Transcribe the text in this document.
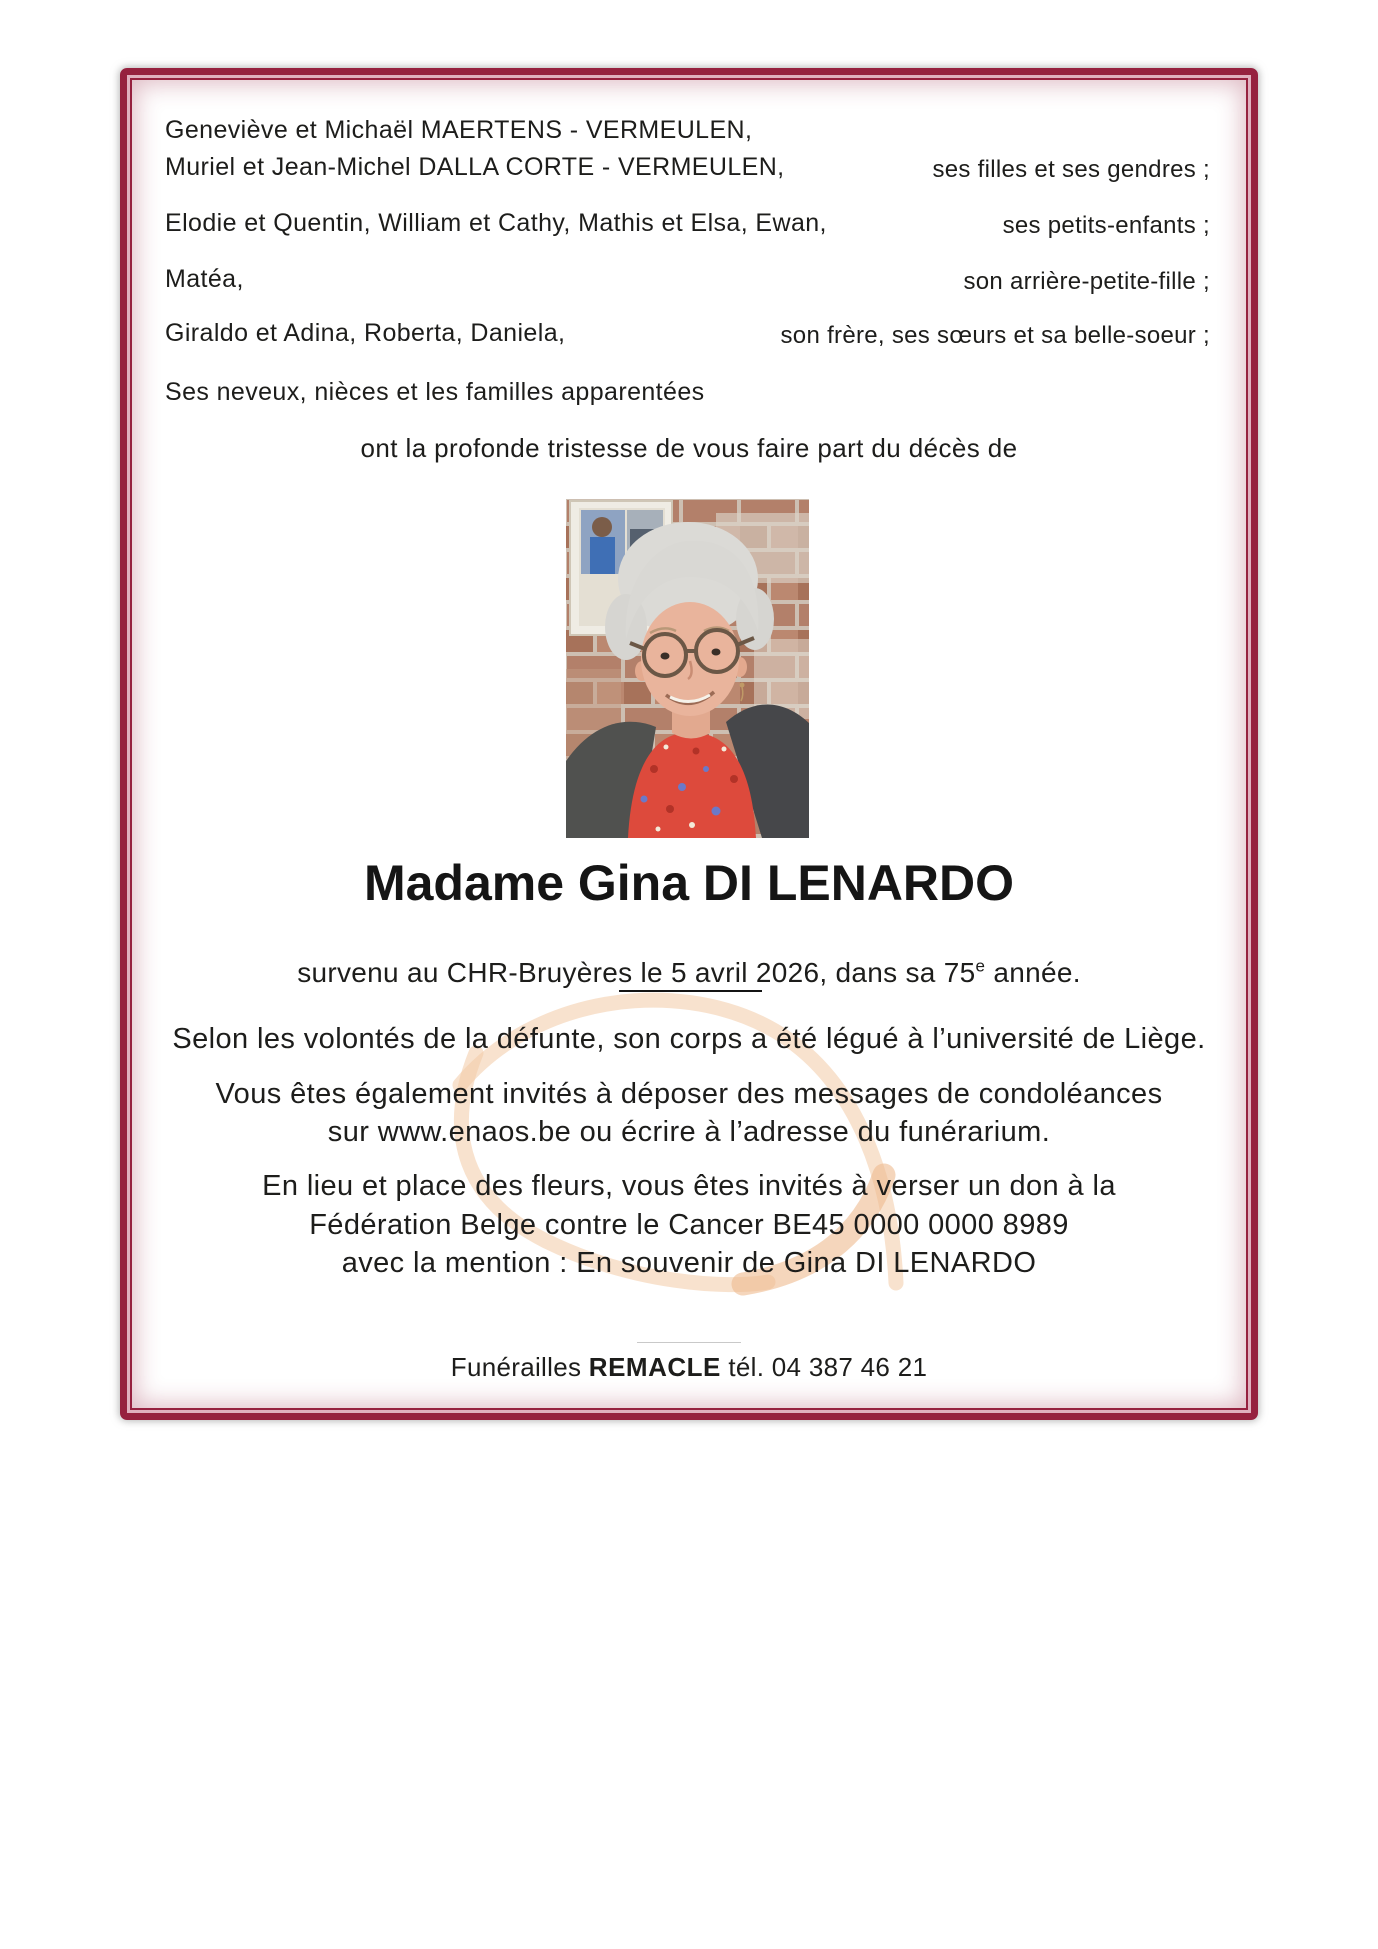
Geneviève et Michaël MAERTENS - VERMEULEN,
Muriel et Jean-Michel DALLA CORTE - VERMEULEN,	ses filles et ses gendres ;
Elodie et Quentin, William et Cathy, Mathis et Elsa, Ewan,	ses petits-enfants ;
Matéa,	son arrière-petite-fille ;
Giraldo et Adina, Roberta, Daniela,	son frère, ses sœurs et sa belle-soeur ;
Ses neveux, nièces et les familles apparentées
ont la profonde tristesse de vous faire part du décès de
Madame Gina DI LENARDO
survenu au CHR-Bruyères le 5 avril 2026, dans sa 75e année.
Selon les volontés de la défunte, son corps a été légué à l’université de Liège.
Vous êtes également invités à déposer des messages de condoléances
sur www.enaos.be ou écrire à l’adresse du funérarium.
En lieu et place des fleurs, vous êtes invités à verser un don à la
Fédération Belge contre le Cancer BE45 0000 0000 8989
avec la mention : En souvenir de Gina DI LENARDO
Funérailles REMACLE tél. 04 387 46 21
